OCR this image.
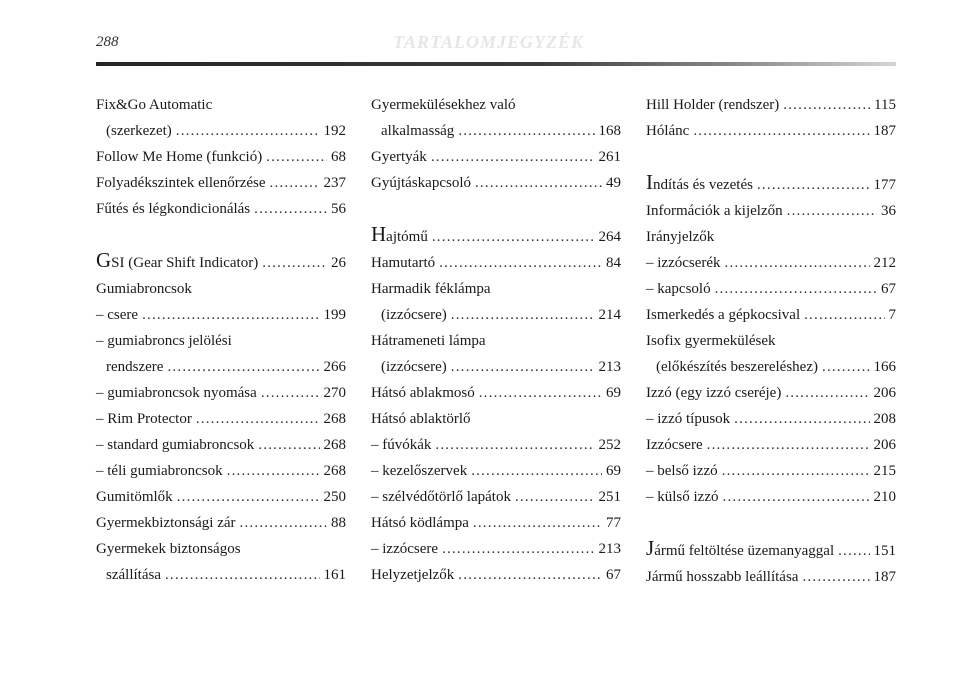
288	TARTALOMJEGYZÉK
Fix&Go Automatic
(szerkezet) .....	192
Follow Me Home (funkció) .....	68
Folyadékszintek ellenőrzése .....	237
Fűtés és légkondicionálás .....	56
GSI (Gear Shift Indicator) .....	26
Gumiabroncsok
– csere .....	199
– gumiabroncs jelölési
rendszere .....	266
– gumiabroncsok nyomása .....	270
– Rim Protector .....	268
– standard gumiabroncsok .....	268
– téli gumiabroncsok .....	268
Gumitömlők .....	250
Gyermekbiztonsági zár .....	88
Gyermekek biztonságos
szállítása .....	161
Gyermekülésekhez való
alkalmasság .....	168
Gyertyák .....	261
Gyújtáskapcsoló .....	49
Hajtómű .....	264
Hamutartó .....	84
Harmadik féklámpa
(izzócsere) .....	214
Hátrameneti lámpa
(izzócsere) .....	213
Hátsó ablakmosó .....	69
Hátsó ablaktörlő
– fúvókák .....	252
– kezelőszervek .....	69
– szélvédőtörlő lapátok .....	251
Hátsó ködlámpa .....	77
– izzócsere .....	213
Helyzetjelzők .....	67
Hill Holder (rendszer) .....	115
Hólánc .....	187
Indítás és vezetés .....	177
Információk a kijelzőn .....	36
Irányjelzők
– izzócserék .....	212
– kapcsoló .....	67
Ismerkedés a gépkocsival .....	7
Isofix gyermekülések
(előkészítés beszereléshez) .....	166
Izzó (egy izzó cseréje) .....	206
– izzó típusok .....	208
Izzócsere .....	206
– belső izzó .....	215
– külső izzó .....	210
Jármű feltöltése üzemanyaggal .....	151
Jármű hosszabb leállítása .....	187
